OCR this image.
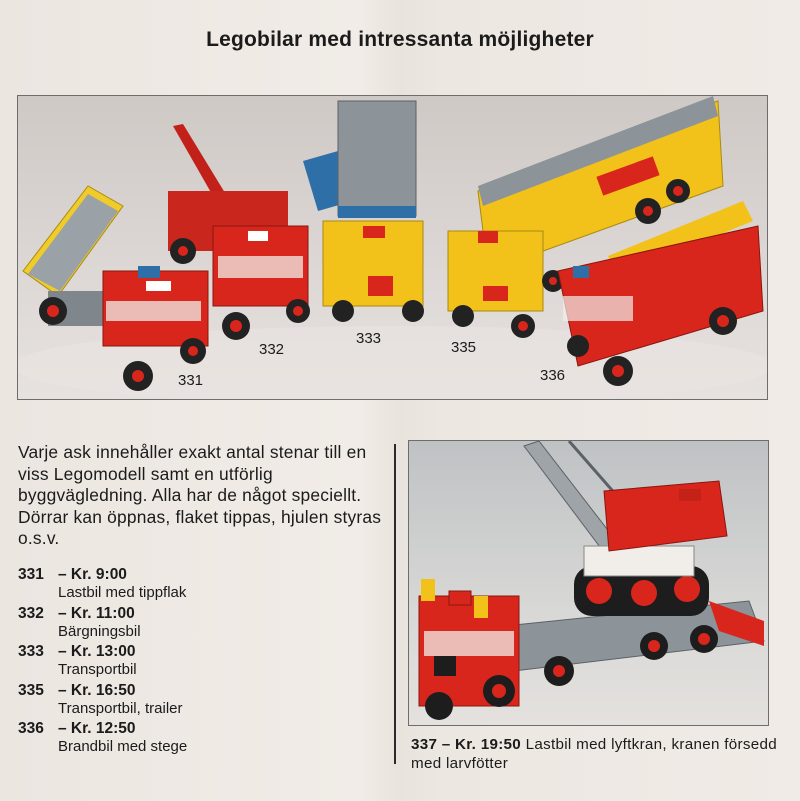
Legobilar med intressanta möjligheter
331
332
333
335
336
Varje ask innehåller exakt antal stenar till en viss Legomodell samt en utförlig byggvägledning. Alla har de något speciellt. Dörrar kan öppnas, flaket tippas, hjulen styras o.s.v.
331 – Kr. 9:00
Lastbil med tippflak
332 – Kr. 11:00
Bärgningsbil
333 – Kr. 13:00
Transportbil
335 – Kr. 16:50
Transportbil, trailer
336 – Kr. 12:50
Brandbil med stege	337 – Kr. 19:50 Lastbil med lyftkran, kranen försedd med larvfötter
